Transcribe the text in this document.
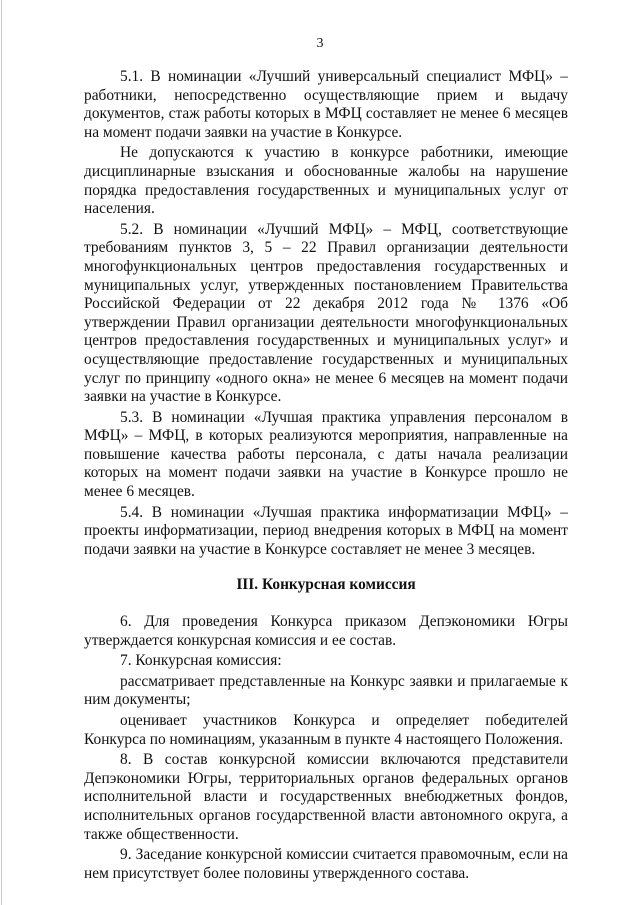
3

5.1. В номинации «Лучший универсальный специалист МФЦ» – работники, непосредственно осуществляющие прием и выдачу документов, стаж работы которых в МФЦ составляет не менее 6 месяцев на момент подачи заявки на участие в Конкурсе.

Не допускаются к участию в конкурсе работники, имеющие дисциплинарные взыскания и обоснованные жалобы на нарушение порядка предоставления государственных и муниципальных услуг от населения.

5.2. В номинации «Лучший МФЦ» – МФЦ, соответствующие требованиям пунктов 3, 5 – 22 Правил организации деятельности многофункциональных центров предоставления государственных и муниципальных услуг, утвержденных постановлением Правительства Российской Федерации от 22 декабря 2012 года № 1376 «Об утверждении Правил организации деятельности многофункциональных центров предоставления государственных и муниципальных услуг» и осуществляющие предоставление государственных и муниципальных услуг по принципу «одного окна» не менее 6 месяцев на момент подачи заявки на участие в Конкурсе.

5.3. В номинации «Лучшая практика управления персоналом в МФЦ» – МФЦ, в которых реализуются мероприятия, направленные на повышение качества работы персонала, с даты начала реализации которых на момент подачи заявки на участие в Конкурсе прошло не менее 6 месяцев.

5.4. В номинации «Лучшая практика информатизации МФЦ» – проекты информатизации, период внедрения которых в МФЦ на момент подачи заявки на участие в Конкурсе составляет не менее 3 месяцев.

III. Конкурсная комиссия

6. Для проведения Конкурса приказом Депэкономики Югры утверждается конкурсная комиссия и ее состав.

7. Конкурсная комиссия:

рассматривает представленные на Конкурс заявки и прилагаемые к ним документы;

оценивает участников Конкурса и определяет победителей Конкурса по номинациям, указанным в пункте 4 настоящего Положения.

8. В состав конкурсной комиссии включаются представители Депэкономики Югры, территориальных органов федеральных органов исполнительной власти и государственных внебюджетных фондов, исполнительных органов государственной власти автономного округа, а также общественности.

9. Заседание конкурсной комиссии считается правомочным, если на нем присутствует более половины утвержденного состава.
